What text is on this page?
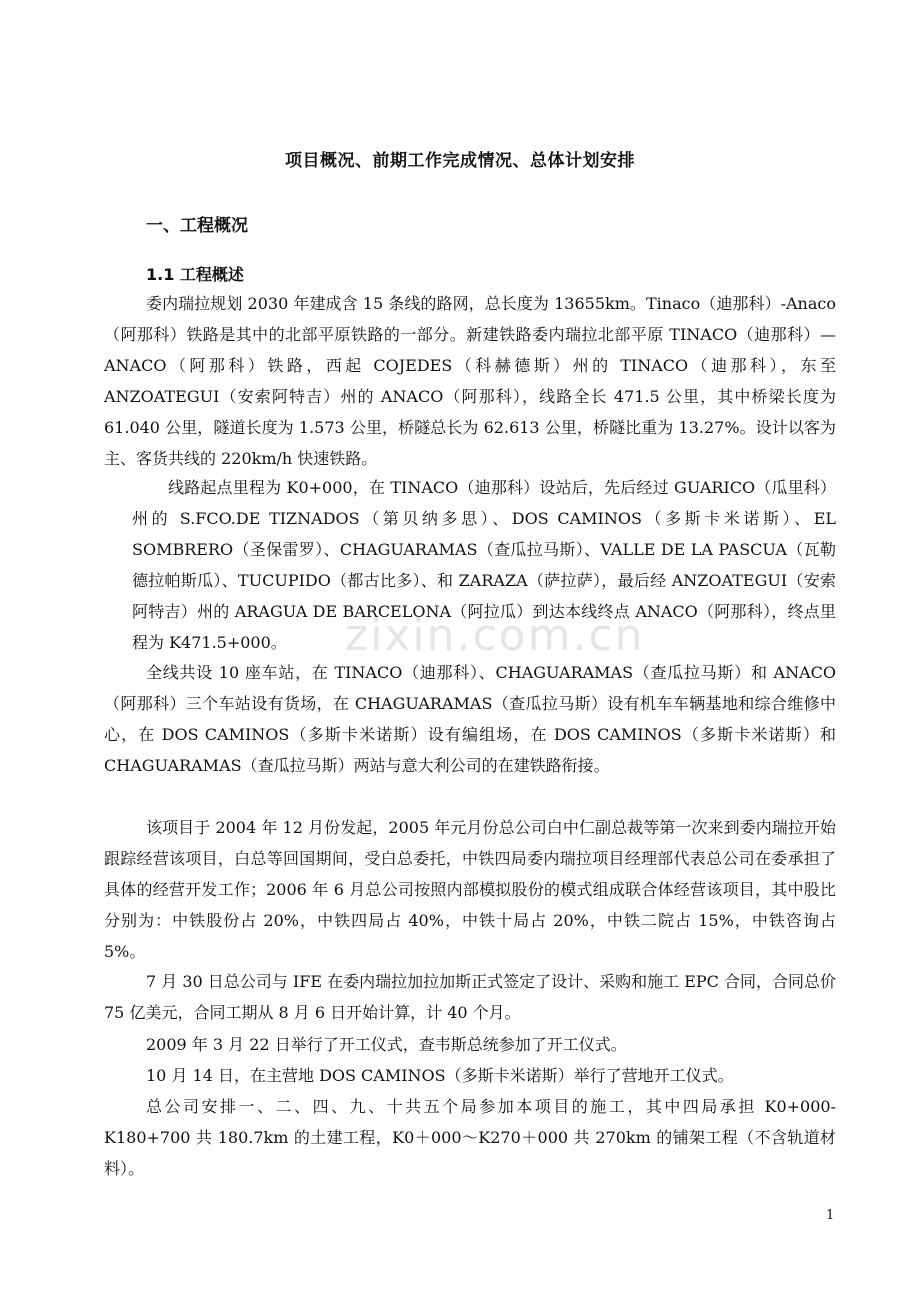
zixin.com.cn
项目概况、前期工作完成情况、总体计划安排
一、工程概况
1.1 工程概述

委内瑞拉规划 2030 年建成含 15 条线的路网，总长度为 13655km。Tinaco（迪那科）-Anaco（阿那科）铁路是其中的北部平原铁路的一部分。新建铁路委内瑞拉北部平原 TINACO（迪那科）—ANACO（阿那科）铁路，西起 COJEDES（科赫德斯）州的 TINACO（迪那科），东至 ANZOATEGUI（安索阿特吉）州的 ANACO（阿那科），线路全长 471.5 公里，其中桥梁长度为 61.040 公里，隧道长度为 1.573 公里，桥隧总长为 62.613 公里，桥隧比重为 13.27%。设计以客为主、客货共线的 220km/h 快速铁路。

线路起点里程为 K0+000，在 TINACO（迪那科）设站后，先后经过 GUARICO（瓜里科）州的 S.FCO.DE TIZNADOS（第贝纳多思）、DOS CAMINOS（多斯卡米诺斯）、EL SOMBRERO（圣保雷罗）、CHAGUARAMAS（查瓜拉马斯）、VALLE DE LA PASCUA（瓦勒德拉帕斯瓜）、TUCUPIDO（都古比多）、和 ZARAZA（萨拉萨），最后经 ANZOATEGUI（安索阿特吉）州的 ARAGUA DE BARCELONA（阿拉瓜）到达本线终点 ANACO（阿那科），终点里程为 K471.5+000。

全线共设 10 座车站，在 TINACO（迪那科）、CHAGUARAMAS（查瓜拉马斯）和 ANACO（阿那科）三个车站设有货场，在 CHAGUARAMAS（查瓜拉马斯）设有机车车辆基地和综合维修中心，在 DOS CAMINOS（多斯卡米诺斯）设有编组场，在 DOS CAMINOS（多斯卡米诺斯）和 CHAGUARAMAS（查瓜拉马斯）两站与意大利公司的在建铁路衔接。

该项目于 2004 年 12 月份发起，2005 年元月份总公司白中仁副总裁等第一次来到委内瑞拉开始跟踪经营该项目，白总等回国期间，受白总委托，中铁四局委内瑞拉项目经理部代表总公司在委承担了具体的经营开发工作；2006 年 6 月总公司按照内部模拟股份的模式组成联合体经营该项目，其中股比分别为：中铁股份占 20%，中铁四局占 40%，中铁十局占 20%，中铁二院占 15%，中铁咨询占 5%。

7 月 30 日总公司与 IFE 在委内瑞拉加拉加斯正式签定了设计、采购和施工 EPC 合同，合同总价 75 亿美元，合同工期从 8 月 6 日开始计算，计 40 个月。

2009 年 3 月 22 日举行了开工仪式，查韦斯总统参加了开工仪式。

10 月 14 日，在主营地 DOS CAMINOS（多斯卡米诺斯）举行了营地开工仪式。

总公司安排一、二、四、九、十共五个局参加本项目的施工，其中四局承担 K0+000-K180+700 共 180.7km 的土建工程，K0＋000～K270＋000 共 270km 的铺架工程（不含轨道材料）。

1
